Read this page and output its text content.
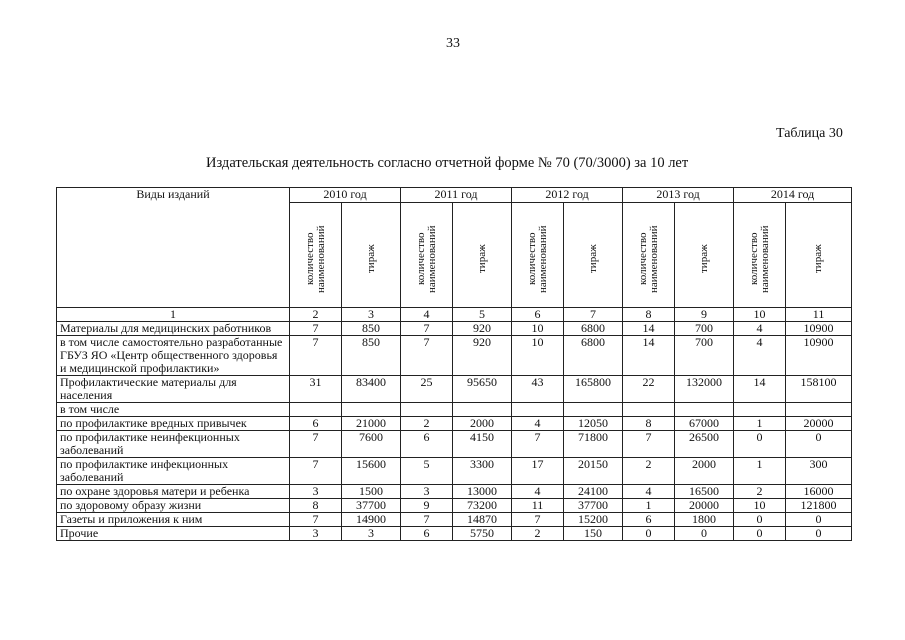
33
Таблица 30
Издательская деятельность согласно отчетной форме № 70 (70/3000) за 10 лет
Виды изданий	2010 год		2011 год		2012 год		2013 год		2014 год	

	количество наименований	тираж	количество наименований	тираж	количество наименований	тираж	количество наименований	тираж	количество наименований	тираж

1	2	3	4	5	6	7	8	9	10	11
Материалы для медицинских работников	7	850	7	920	10	6800	14	700	4	10900
в том числе самостоятельно разработанные ГБУЗ ЯО «Центр общественного здоровья и медицинской профилактики»	7	850	7	920	10	6800	14	700	4	10900
Профилактические материалы для населения	31	83400	25	95650	43	165800	22	132000	14	158100
в том числе										
по профилактике вредных привычек	6	21000	2	2000	4	12050	8	67000	1	20000
по профилактике неинфекционных заболеваний	7	7600	6	4150	7	71800	7	26500	0	0
по профилактике инфекционных заболеваний	7	15600	5	3300	17	20150	2	2000	1	300
по охране здоровья матери и ребенка	3	1500	3	13000	4	24100	4	16500	2	16000
по здоровому образу жизни	8	37700	9	73200	11	37700	1	20000	10	121800
Газеты и приложения к ним	7	14900	7	14870	7	15200	6	1800	0	0
Прочие	3	3	6	5750	2	150	0	0	0	0
